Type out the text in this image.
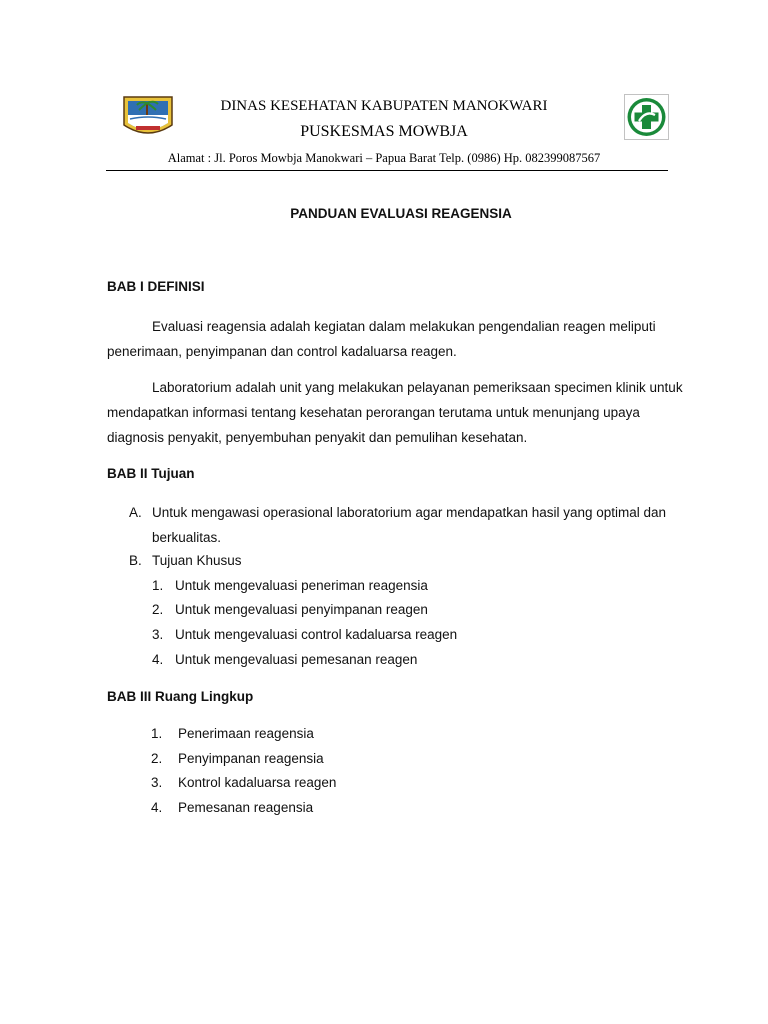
DINAS KESEHATAN KABUPATEN MANOKWARI
PUSKESMAS MOWBJA
Alamat : Jl. Poros Mowbja Manokwari – Papua Barat Telp. (0986) Hp. 082399087567
PANDUAN EVALUASI REAGENSIA
BAB I DEFINISI
Evaluasi reagensia adalah kegiatan dalam melakukan pengendalian reagen meliputi
penerimaan, penyimpanan dan control kadaluarsa reagen.
Laboratorium adalah unit yang melakukan pelayanan pemeriksaan specimen klinik untuk
mendapatkan informasi tentang kesehatan perorangan terutama untuk menunjang upaya
diagnosis penyakit, penyembuhan penyakit dan pemulihan kesehatan.
BAB II Tujuan
A. Untuk mengawasi operasional laboratorium agar mendapatkan hasil yang optimal dan
berkualitas.
B. Tujuan Khusus
1. Untuk mengevaluasi peneriman reagensia
2. Untuk mengevaluasi penyimpanan reagen
3. Untuk mengevaluasi control kadaluarsa reagen
4. Untuk mengevaluasi pemesanan reagen
BAB III Ruang Lingkup
1. Penerimaan reagensia
2. Penyimpanan reagensia
3. Kontrol kadaluarsa reagen
4. Pemesanan reagensia
